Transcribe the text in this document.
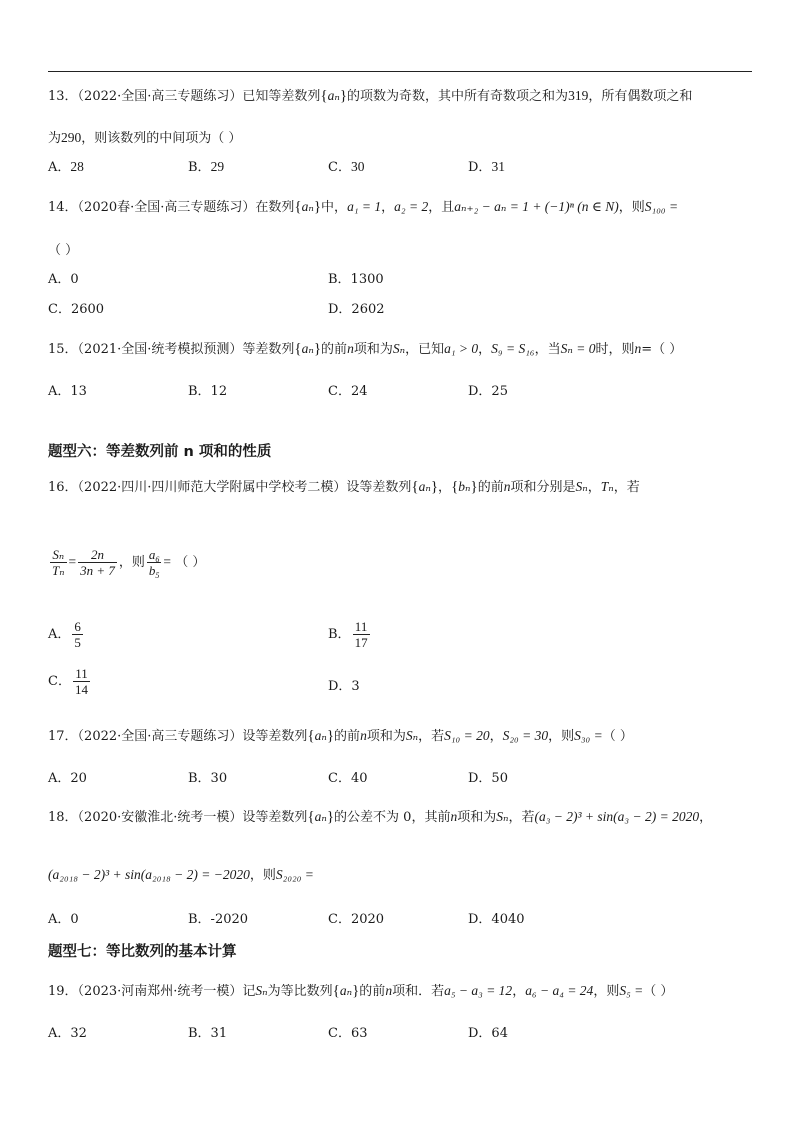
13．（2022·全国·高三专题练习）已知等差数列{aₙ}的项数为奇数，其中所有奇数项之和为319，所有偶数项之和
为290，则该数列的中间项为（ ）
A．28	B．29	C．30	D．31
14．（2020春·全国·高三专题练习）在数列{aₙ}中，a₁ = 1，a₂ = 2，且aₙ₊₂ − aₙ = 1 + (−1)ⁿ (n ∈ N)，则S₁₀₀ =
（ ）
A．0	B．1300
C．2600	D．2602
15．（2021·全国·统考模拟预测）等差数列{aₙ}的前n项和为Sₙ，已知a₁ > 0，S₉ = S₁₆，当Sₙ = 0时，则n=（ ）
A．13	B．12	C．24	D．25
题型六：等差数列前 n 项和的性质
16．（2022·四川·四川师范大学附属中学校考二模）设等差数列{aₙ}，{bₙ}的前n项和分别是Sₙ，Tₙ，若
$\frac{\text{Sₙ}}{\text{Tₙ}} = \frac{2n}{3n + 7}$ ，则 $\frac{a_6}{b_5}$ = （ ）
A． $\frac{6}{5}$	B． $\frac{11}{17}$
C． $\frac{11}{14}$	D．3
17．（2022·全国·高三专题练习）设等差数列{aₙ}的前n项和为Sₙ，若S₁₀ = 20，S₂₀ = 30，则S₃₀ =（ ）
A．20	B．30	C．40	D．50
18．（2020·安徽淮北·统考一模）设等差数列{aₙ}的公差不为 0，其前n项和为Sₙ，若(a₃ − 2)³ + sin(a₃ − 2) = 2020，
(a₂₀₁₈ − 2)³ + sin(a₂₀₁₈ − 2) = −2020，则S₂₀₂₀ =
A．0	B．-2020	C．2020	D．4040
题型七：等比数列的基本计算
19．（2023·河南郑州·统考一模）记Sₙ为等比数列{aₙ}的前n项和．若a₅ − a₃ = 12，a₆ − a₄ = 24，则S₅ =（ ）
A．32	B．31	C．63	D．64
